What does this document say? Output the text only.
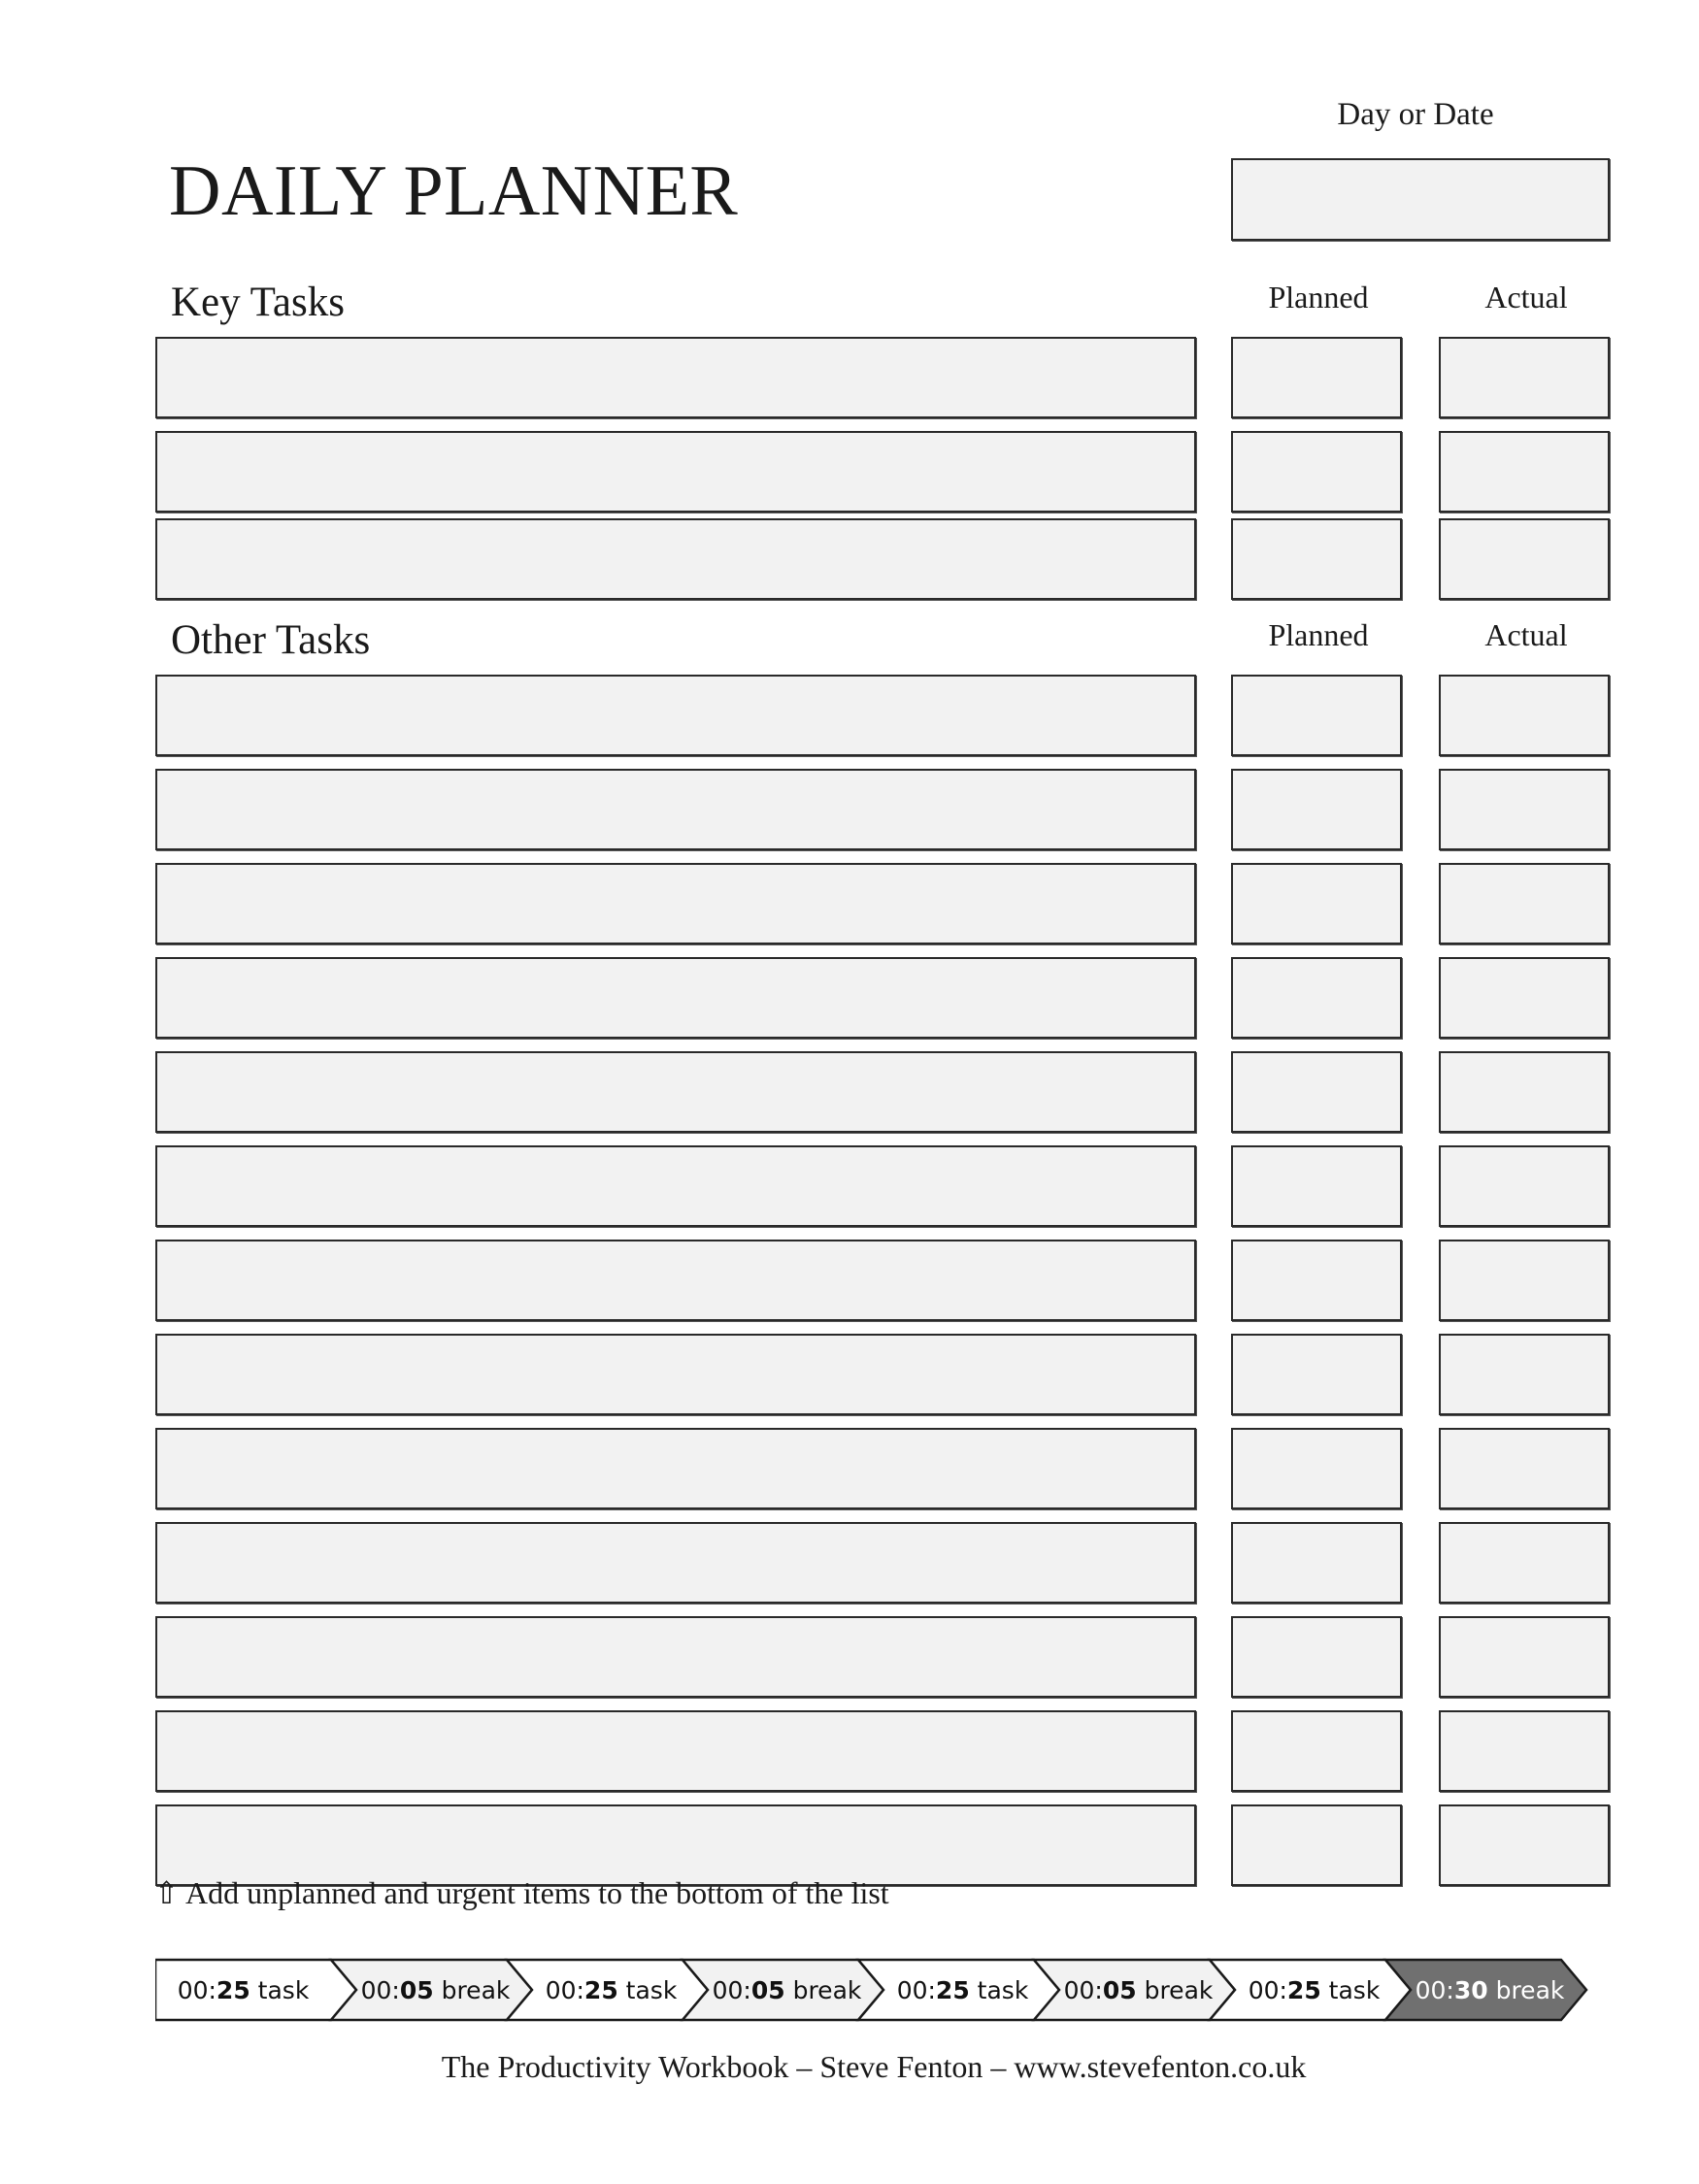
Day or Date
DAILY PLANNER
Key Tasks	Planned	Actual
Other Tasks	Planned	Actual
⇧ Add unplanned and urgent items to the bottom of the list
00:25 task 00:05 break 00:25 task 00:05 break 00:25 task 00:05 break 00:25 task 00:30 break
The Productivity Workbook – Steve Fenton – www.stevefenton.co.uk
